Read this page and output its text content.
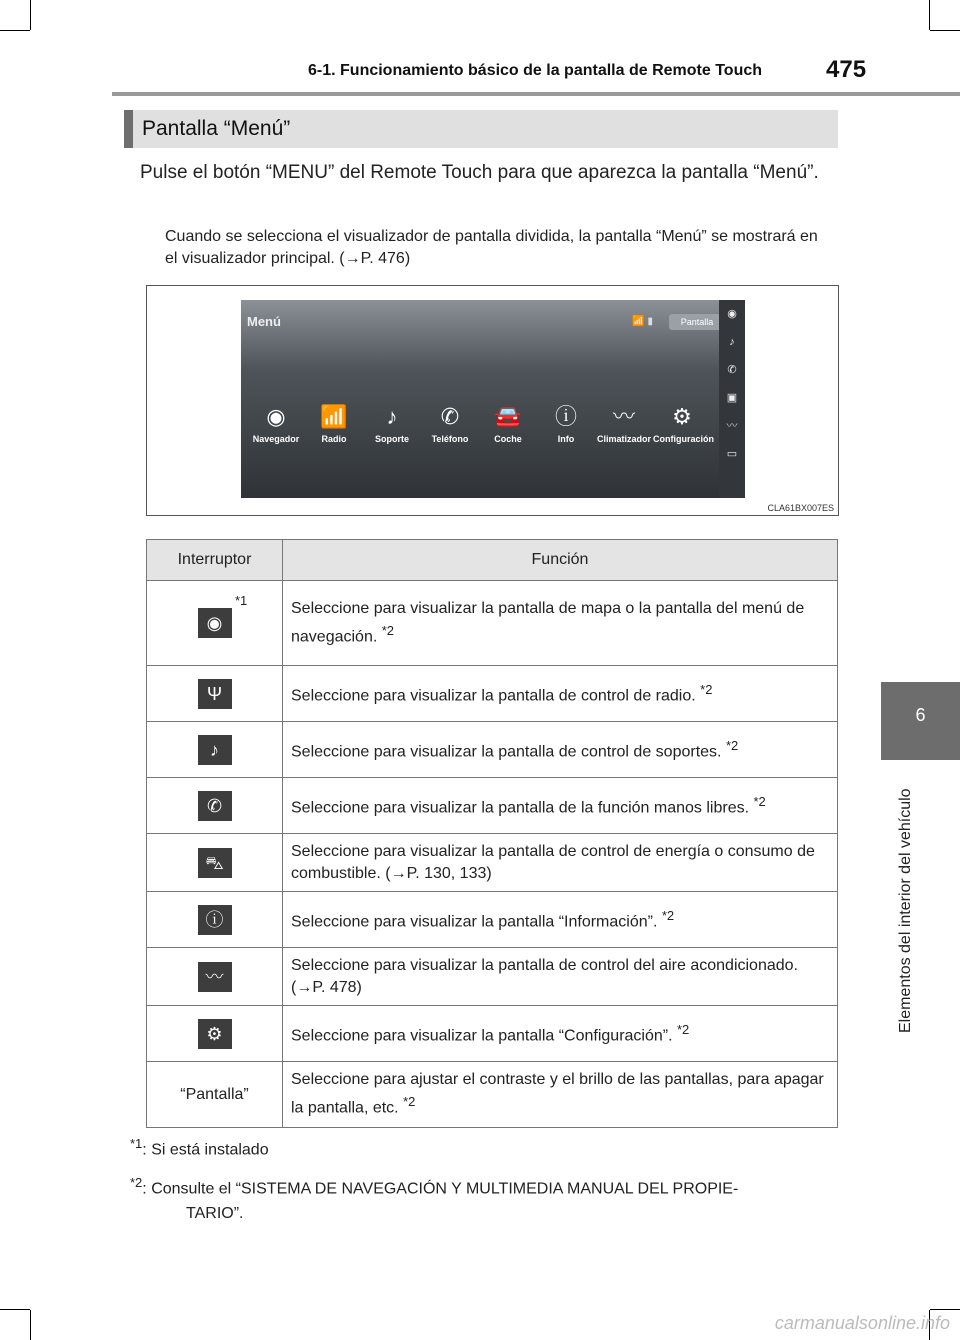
6-1. Funcionamiento básico de la pantalla de Remote Touch	475
6
Elementos del interior del vehículo
Pantalla “Menú”
Pulse el botón “MENU” del Remote Touch para que aparezca la pantalla “Menú”.
Cuando se selecciona el visualizador de pantalla dividida, la pantalla “Menú” se mostrará en el visualizador principal. (→P. 476)
Menú	📶 ▮	Pantalla
◉
Navegador
📶
Radio
♪
Soporte
✆
Teléfono
🚘
Coche
ⓘ
Info
〰
Climatizador
⚙
Configuración
◉
♪
✆
▣
〰
▭
CLA61BX007ES
Interruptor	Función
◉
*1	Seleccione para visualizar la pantalla de mapa o la pantalla del menú de navegación. $^{*2}$
Ψ	Seleccione para visualizar la pantalla de control de radio. $^{*2}$
♪	Seleccione para visualizar la pantalla de control de soportes. $^{*2}$
✆	Seleccione para visualizar la pantalla de la función manos libres. $^{*2}$
⛍	Seleccione para visualizar la pantalla de control de energía o consumo de combustible. (→P. 130, 133)
ⓘ	Seleccione para visualizar la pantalla “Información”. $^{*2}$
〰	Seleccione para visualizar la pantalla de control del aire acondicionado. (→P. 478)
⚙	Seleccione para visualizar la pantalla “Configuración”. $^{*2}$
“Pantalla”	Seleccione para ajustar el contraste y el brillo de las pantallas, para apagar la pantalla, etc. $^{*2}$
$^{*1}$: Si está instalado
$^{*2}$: Consulte el “SISTEMA DE NAVEGACIÓN Y MULTIMEDIA MANUAL DEL PROPIE-
TARIO”.
carmanualsonline.info
